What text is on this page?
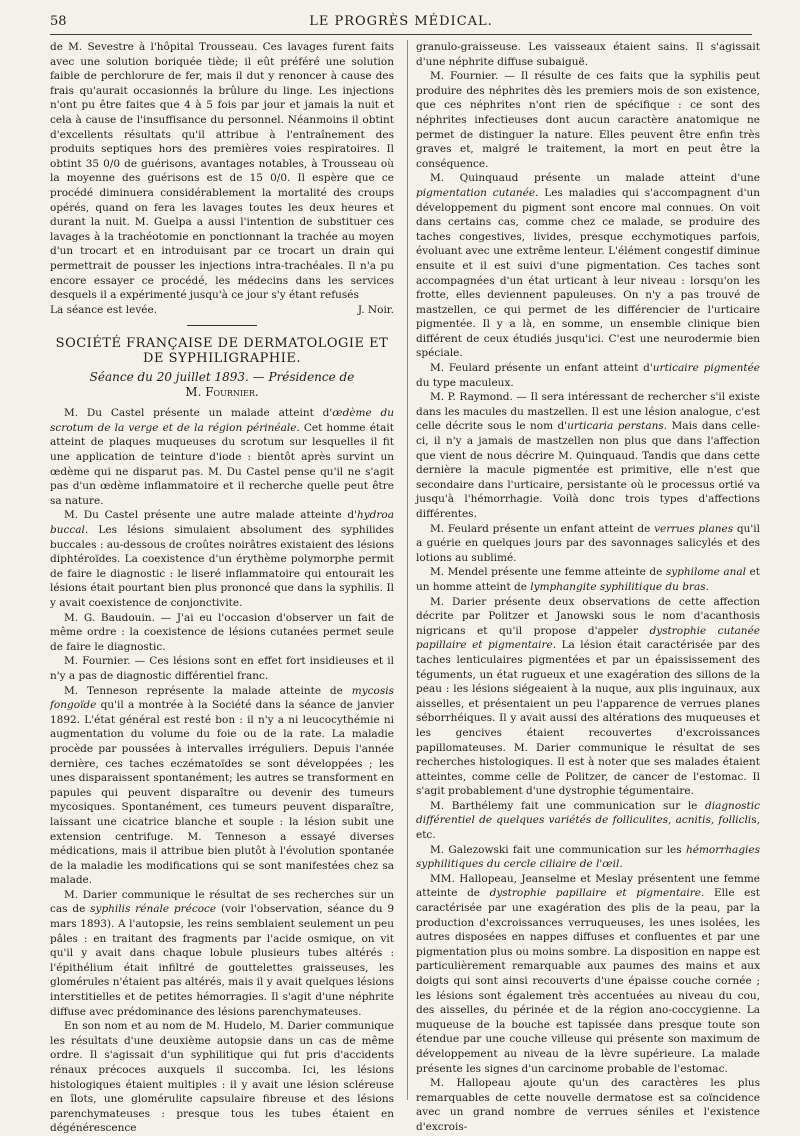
58	LE PROGRÈS MÉDICAL.

de M. Sevestre à l'hôpital Trousseau. Ces lavages furent faits avec une solution boriquée tiède; il eût préféré une solution faible de perchlorure de fer, mais il dut y renoncer à cause des frais qu'aurait occasionnés la brûlure du linge. Les injections n'ont pu être faites que 4 à 5 fois par jour et jamais la nuit et cela à cause de l'insuffisance du personnel. Néanmoins il obtint d'excellents résultats qu'il attribue à l'entraînement des produits septiques hors des premières voies respiratoires. Il obtint 35 0/0 de guérisons, avantages notables, à Trousseau où la moyenne des guérisons est de 15 0/0. Il espère que ce procédé diminuera considérablement la mortalité des croups opérés, quand on fera les lavages toutes les deux heures et durant la nuit. M. Guelpa a aussi l'intention de substituer ces lavages à la trachéotomie en ponctionnant la trachée au moyen d'un trocart et en introduisant par ce trocart un drain qui permettrait de pousser les injections intra-trachéales. Il n'a pu encore essayer ce procédé, les médecins dans les services desquels il a expérimenté jusqu'à ce jour s'y étant refusés

La séance est levée.	J. Noir.

SOCIÉTÉ FRANÇAISE DE DERMATOLOGIE ET DE SYPHILIGRAPHIE.
Séance du 20 juillet 1893. — Présidence de
M. Fournier.

M. Du Castel présente un malade atteint d'œdème du scrotum de la verge et de la région périnéale. Cet homme était atteint de plaques muqueuses du scrotum sur lesquelles il fit une application de teinture d'iode : bientôt après survint un œdème qui ne disparut pas. M. Du Castel pense qu'il ne s'agit pas d'un œdème inflammatoire et il recherche quelle peut être sa nature.

M. Du Castel présente une autre malade atteinte d'hydroa buccal. Les lésions simulaient absolument des syphilides buccales : au-dessous de croûtes noirâtres existaient des lésions diphtéroïdes. La coexistence d'un érythème polymorphe permit de faire le diagnostic : le liseré inflammatoire qui entourait les lésions était pourtant bien plus prononcé que dans la syphilis. Il y avait coexistence de conjonctivite.

M. G. Baudouin. — J'ai eu l'occasion d'observer un fait de même ordre : la coexistence de lésions cutanées permet seule de faire le diagnostic.

M. Fournier. — Ces lésions sont en effet fort insidieuses et il n'y a pas de diagnostic différentiel franc.

M. Tenneson représente la malade atteinte de mycosis fongoïde qu'il a montrée à la Société dans la séance de janvier 1892. L'état général est resté bon : il n'y a ni leucocythémie ni augmentation du volume du foie ou de la rate. La maladie procède par poussées à intervalles irréguliers. Depuis l'année dernière, ces taches eczématoïdes se sont développées ; les unes disparaissent spontanément; les autres se transforment en papules qui peuvent disparaître ou devenir des tumeurs mycosiques. Spontanément, ces tumeurs peuvent disparaître, laissant une cicatrice blanche et souple : la lésion subit une extension centrifuge. M. Tenneson a essayé diverses médications, mais il attribue bien plutôt à l'évolution spontanée de la maladie les modifications qui se sont manifestées chez sa malade.

M. Darier communique le résultat de ses recherches sur un cas de syphilis rénale précoce (voir l'observation, séance du 9 mars 1893). A l'autopsie, les reins semblaient seulement un peu pâles : en traitant des fragments par l'acide osmique, on vit qu'il y avait dans chaque lobule plusieurs tubes altérés : l'épithélium était infiltré de gouttelettes graisseuses, les glomérules n'étaient pas altérés, mais il y avait quelques lésions interstitielles et de petites hémorragies. Il s'agit d'une néphrite diffuse avec prédominance des lésions parenchymateuses.

En son nom et au nom de M. Hudelo, M. Darier communique les résultats d'une deuxième autopsie dans un cas de même ordre. Il s'agissait d'un syphilitique qui fut pris d'accidents rénaux précoces auxquels il succomba. Ici, les lésions histologiques étaient multiples : il y avait une lésion scléreuse en îlots, une glomérulite capsulaire fibreuse et des lésions parenchymateuses : presque tous les tubes étaient en dégénérescence

granulo-graisseuse. Les vaisseaux étaient sains. Il s'agissait d'une néphrite diffuse subaiguë.

M. Fournier. — Il résulte de ces faits que la syphilis peut produire des néphrites dès les premiers mois de son existence, que ces néphrites n'ont rien de spécifique : ce sont des néphrites infectieuses dont aucun caractère anatomique ne permet de distinguer la nature. Elles peuvent être enfin très graves et, malgré le traitement, la mort en peut être la conséquence.

M. Quinquaud présente un malade atteint d'une pigmentation cutanée. Les maladies qui s'accompagnent d'un développement du pigment sont encore mal connues. On voit dans certains cas, comme chez ce malade, se produire des taches congestives, livides, presque ecchymotiques parfois, évoluant avec une extrême lenteur. L'élément congestif diminue ensuite et il est suivi d'une pigmentation. Ces taches sont accompagnées d'un état urticant à leur niveau : lorsqu'on les frotte, elles deviennent papuleuses. On n'y a pas trouvé de mastzellen, ce qui permet de les différencier de l'urticaire pigmentée. Il y a là, en somme, un ensemble clinique bien différent de ceux étudiés jusqu'ici. C'est une neurodermie bien spéciale.

M. Feulard présente un enfant atteint d'urticaire pigmentée du type maculeux.

M. P. Raymond. — Il sera intéressant de rechercher s'il existe dans les macules du mastzellen. Il est une lésion analogue, c'est celle décrite sous le nom d'urticaria perstans. Mais dans celle-ci, il n'y a jamais de mastzellen non plus que dans l'affection que vient de nous décrire M. Quinquaud. Tandis que dans cette dernière la macule pigmentée est primitive, elle n'est que secondaire dans l'urticaire, persistante où le processus ortié va jusqu'à l'hémorrhagie. Voilà donc trois types d'affections différentes.

M. Feulard présente un enfant atteint de verrues planes qu'il a guérie en quelques jours par des savonnages salicylés et des lotions au sublimé.

M. Mendel présente une femme atteinte de syphilome anal et un homme atteint de lymphangite syphilitique du bras.

M. Darier présente deux observations de cette affection décrite par Politzer et Janowski sous le nom d'acanthosis nigricans et qu'il propose d'appeler dystrophie cutanée papillaire et pigmentaire. La lésion était caractérisée par des taches lenticulaires pigmentées et par un épaississement des téguments, un état rugueux et une exagération des sillons de la peau : les lésions siégeaient à la nuque, aux plis inguinaux, aux aisselles, et présentaient un peu l'apparence de verrues planes séborrhéiques. Il y avait aussi des altérations des muqueuses et les gencives étaient recouvertes d'excroissances papillomateuses. M. Darier communique le résultat de ses recherches histologiques. Il est à noter que ses malades étaient atteintes, comme celle de Politzer, de cancer de l'estomac. Il s'agit probablement d'une dystrophie tégumentaire.

M. Barthélemy fait une communication sur le diagnostic différentiel de quelques variétés de folliculites, acnitis, folliclis, etc.

M. Galezowski fait une communication sur les hémorrhagies syphilitiques du cercle ciliaire de l'œil.

MM. Hallopeau, Jeanselme et Meslay présentent une femme atteinte de dystrophie papillaire et pigmentaire. Elle est caractérisée par une exagération des plis de la peau, par la production d'excroissances verruqueuses, les unes isolées, les autres disposées en nappes diffuses et confluentes et par une pigmentation plus ou moins sombre. La disposition en nappe est particulièrement remarquable aux paumes des mains et aux doigts qui sont ainsi recouverts d'une épaisse couche cornée ; les lésions sont également très accentuées au niveau du cou, des aisselles, du périnée et de la région ano-coccygienne. La muqueuse de la bouche est tapissée dans presque toute son étendue par une couche villeuse qui présente son maximum de développement au niveau de la lèvre supérieure. La malade présente les signes d'un carcinome probable de l'estomac.

M. Hallopeau ajoute qu'un des caractères les plus remarquables de cette nouvelle dermatose est sa coïncidence avec un grand nombre de verrues séniles et l'existence d'excrois-
